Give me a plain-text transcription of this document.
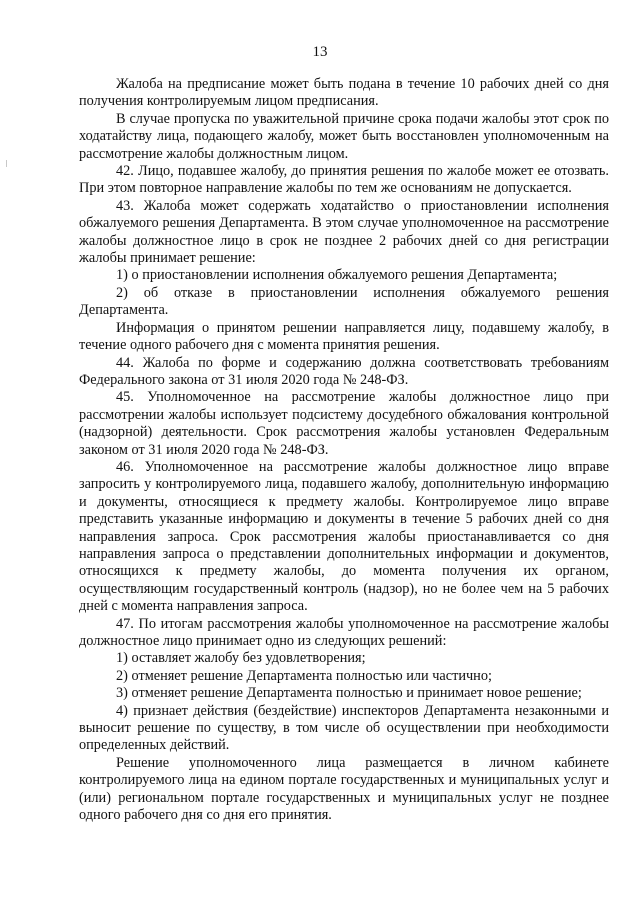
13

Жалоба на предписание может быть подана в течение 10 рабочих дней со дня получения контролируемым лицом предписания.

В случае пропуска по уважительной причине срока подачи жалобы этот срок по ходатайству лица, подающего жалобу, может быть восстановлен уполномоченным на рассмотрение жалобы должностным лицом.

42. Лицо, подавшее жалобу, до принятия решения по жалобе может ее отозвать. При этом повторное направление жалобы по тем же основаниям не допускается.

43. Жалоба может содержать ходатайство о приостановлении исполнения обжалуемого решения Департамента. В этом случае уполномоченное на рассмотрение жалобы должностное лицо в срок не позднее 2 рабочих дней со дня регистрации жалобы принимает решение:

1) о приостановлении исполнения обжалуемого решения Департамента;

2) об отказе в приостановлении исполнения обжалуемого решения Департамента.

Информация о принятом решении направляется лицу, подавшему жалобу, в течение одного рабочего дня с момента принятия решения.

44. Жалоба по форме и содержанию должна соответствовать требованиям Федерального закона от 31 июля 2020 года № 248-ФЗ.

45. Уполномоченное на рассмотрение жалобы должностное лицо при рассмотрении жалобы использует подсистему досудебного обжалования контрольной (надзорной) деятельности. Срок рассмотрения жалобы установлен Федеральным законом от 31 июля 2020 года № 248-ФЗ.

46. Уполномоченное на рассмотрение жалобы должностное лицо вправе запросить у контролируемого лица, подавшего жалобу, дополнительную информацию и документы, относящиеся к предмету жалобы. Контролируемое лицо вправе представить указанные информацию и документы в течение 5 рабочих дней со дня направления запроса. Срок рассмотрения жалобы приостанавливается со дня направления запроса о представлении дополнительных информации и документов, относящихся к предмету жалобы, до момента получения их органом, осуществляющим государственный контроль (надзор), но не более чем на 5 рабочих дней с момента направления запроса.

47. По итогам рассмотрения жалобы уполномоченное на рассмотрение жалобы должностное лицо принимает одно из следующих решений:

1) оставляет жалобу без удовлетворения;

2) отменяет решение Департамента полностью или частично;

3) отменяет решение Департамента полностью и принимает новое решение;

4) признает действия (бездействие) инспекторов Департамента незаконными и выносит решение по существу, в том числе об осуществлении при необходимости определенных действий.

Решение уполномоченного лица размещается в личном кабинете контролируемого лица на едином портале государственных и муниципальных услуг и (или) региональном портале государственных и муниципальных услуг не позднее одного рабочего дня со дня его принятия.
